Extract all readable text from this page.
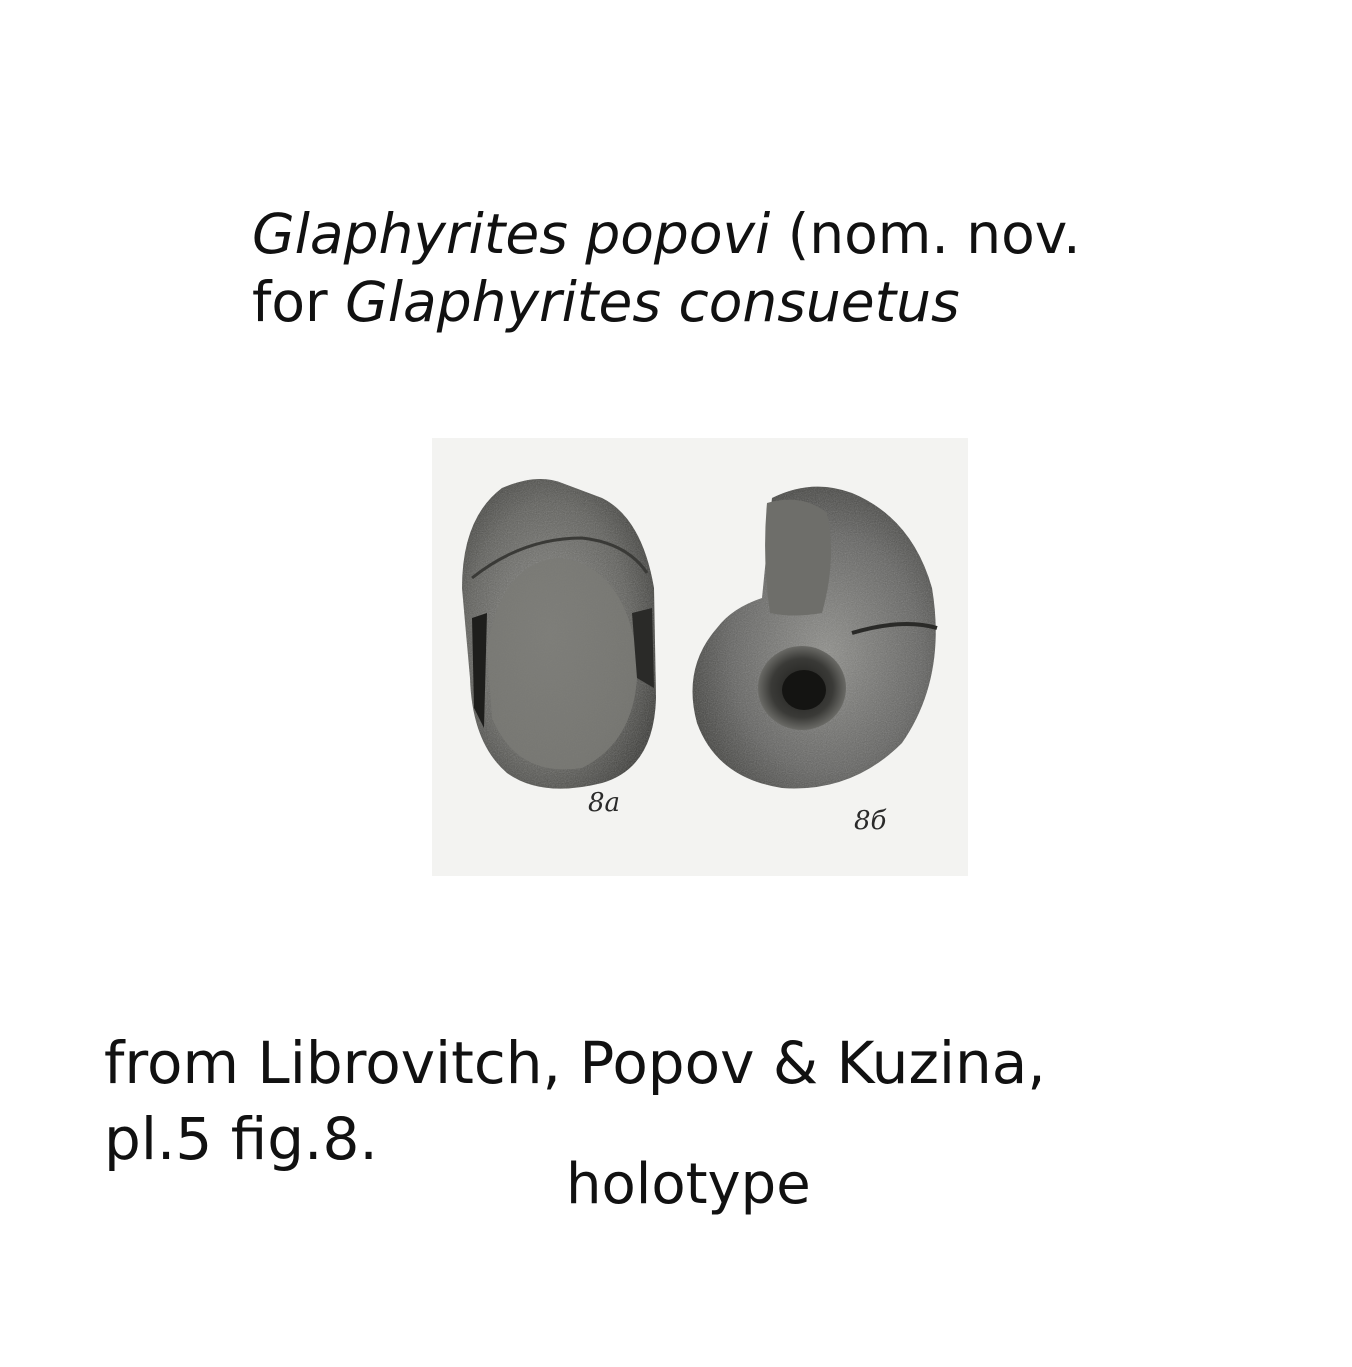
Glaphyrites popovi (nom. nov.
for Glaphyrites consuetus
8a
8б
from Librovitch, Popov & Kuzina,
pl.5 fig.8.
holotype
